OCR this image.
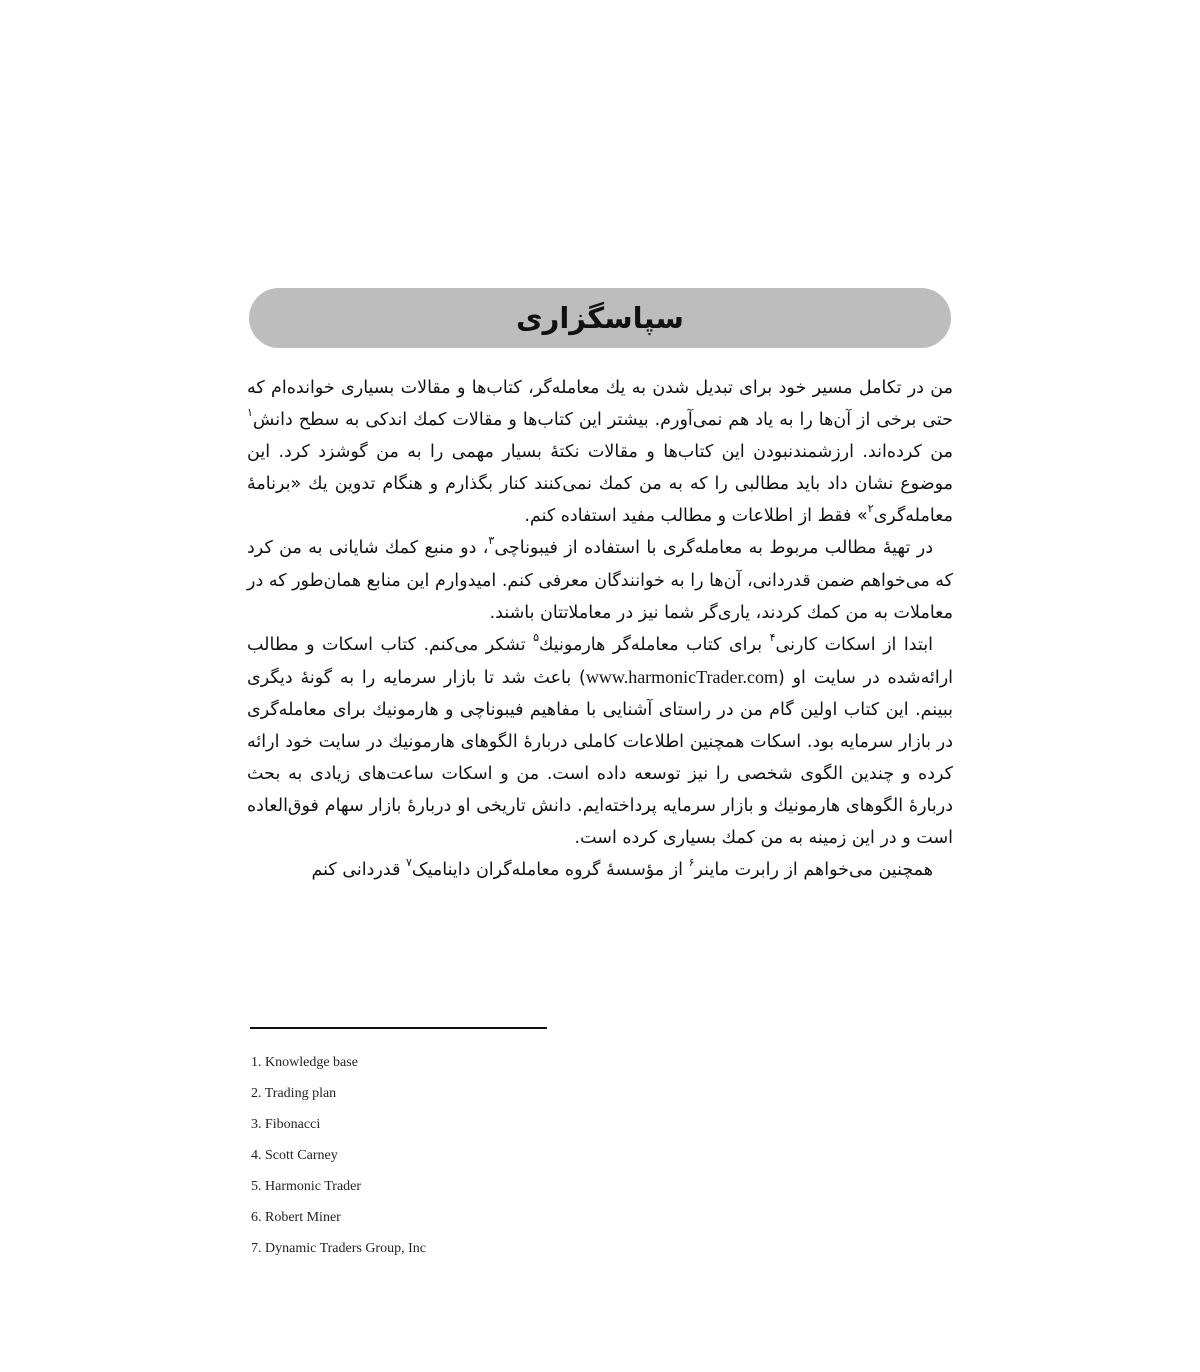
سپاسگزاری

من در تکامل مسیر خود برای تبدیل شدن به یك معامله‌گر، کتاب‌ها و مقالات بسیاری خوانده‌ام که حتی برخی از آن‌ها را به یاد هم نمی‌آورم. بیشتر این کتاب‌ها و مقالات کمك اندکی به سطح دانش$^۱$ من کرده‌اند. ارزشمندنبودن این کتاب‌ها و مقالات نکتهٔ بسیار مهمی را به من گوشزد کرد. این موضوع نشان داد باید مطالبی را که به من کمك نمی‌کنند کنار بگذارم و هنگام تدوین یك «برنامهٔ معامله‌گری$^۲$» فقط از اطلاعات و مطالب مفید استفاده کنم.

در تهیهٔ مطالب مربوط به معامله‌گری با استفاده از فیبوناچی$^۳$، دو منبع کمك شایانی به من کرد که می‌خواهم ضمن قدردانی، آن‌ها را به خوانندگان معرفی کنم. امیدوارم این منابع همان‌طور که در معاملات به من کمك کردند، یاری‌گر شما نیز در معاملاتتان باشند.

ابتدا از اسکات کارنی$^۴$ برای کتاب معامله‌گر هارمونیك$^۵$ تشکر می‌کنم. کتاب اسکات و مطالب ارائه‌شده در سایت او (www.harmonicTrader.com) باعث شد تا بازار سرمایه را به گونهٔ دیگری ببینم. این کتاب اولین گام من در راستای آشنایی با مفاهیم فیبوناچی و هارمونیك برای معامله‌گری در بازار سرمایه بود. اسکات همچنین اطلاعات کاملی دربارهٔ الگوهای هارمونیك در سایت خود ارائه کرده و چندین الگوی شخصی را نیز توسعه داده است. من و اسکات ساعت‌های زیادی به بحث دربارهٔ الگوهای هارمونیك و بازار سرمایه پرداخته‌ایم. دانش تاریخی او دربارهٔ بازار سهام فوق‌العاده است و در این زمینه به من کمك بسیاری کرده است.

همچنین می‌خواهم از رابرت ماینر$^۶$ از مؤسسهٔ گروه معامله‌گران داینامیک$^۷$ قدردانی کنم

1. Knowledge base
2. Trading plan
3. Fibonacci
4. Scott Carney
5. Harmonic Trader
6. Robert Miner
7. Dynamic Traders Group, Inc
